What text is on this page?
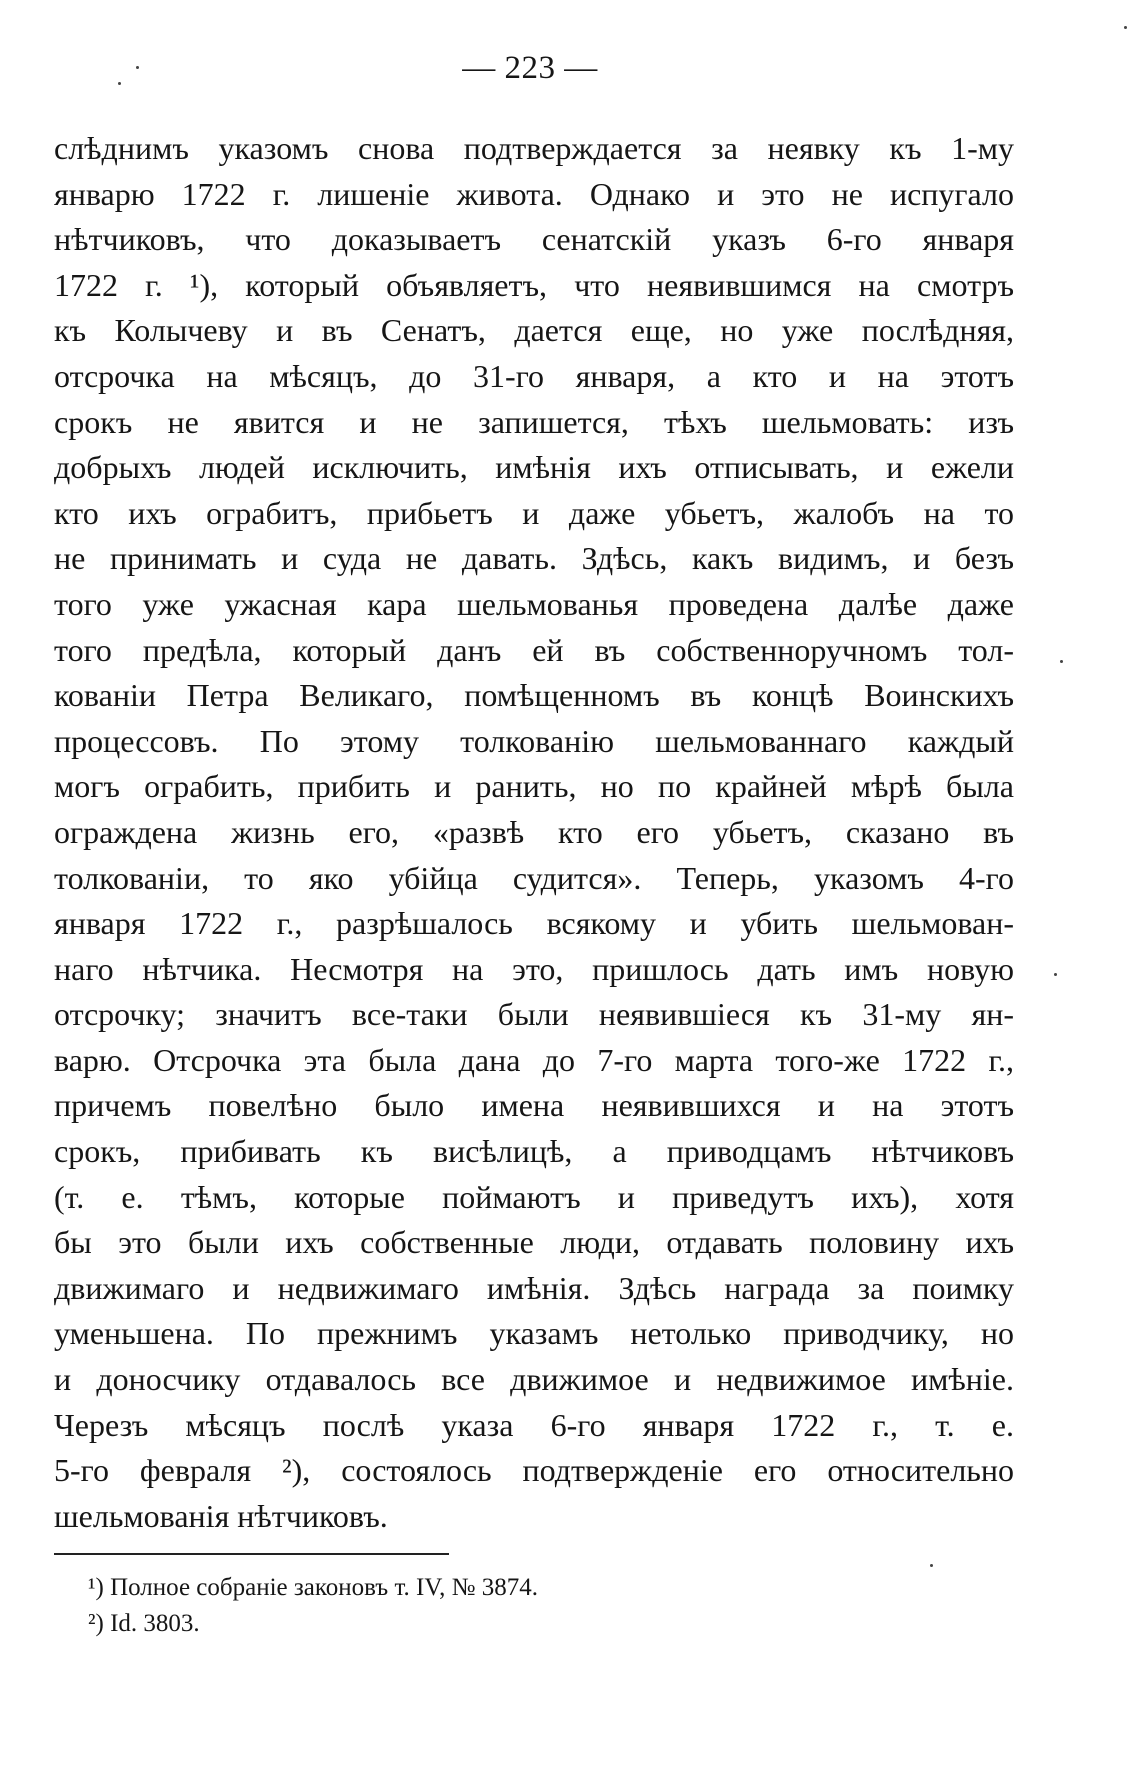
— 223 —
слѣднимъ указомъ снова подтверждается за неявку къ 1-му
январю 1722 г. лишеніе живота. Однако и это не испугало
нѣтчиковъ, что доказываетъ сенатскій указъ 6-го января
1722 г. ¹), который объявляетъ, что неявившимся на смотръ
къ Колычеву и въ Сенатъ, дается еще, но уже послѣдняя,
отсрочка на мѣсяцъ, до 31-го января, а кто и на этотъ
срокъ не явится и не запишется, тѣхъ шельмовать: изъ
добрыхъ людей исключить, имѣнія ихъ отписывать, и ежели
кто ихъ ограбитъ, прибьетъ и даже убьетъ, жалобъ на то
не принимать и суда не давать. Здѣсь, какъ видимъ, и безъ
того уже ужасная кара шельмованья проведена далѣе даже
того предѣла, который данъ ей въ собственноручномъ тол-
кованіи Петра Великаго, помѣщенномъ въ концѣ Воинскихъ
процессовъ. По этому толкованію шельмованнаго каждый
могъ ограбить, прибить и ранить, но по крайней мѣрѣ была
ограждена жизнь его, «развѣ кто его убьетъ, сказано въ
толкованіи, то яко убійца судится». Теперь, указомъ 4-го
января 1722 г., разрѣшалось всякому и убить шельмован-
наго нѣтчика. Несмотря на это, пришлось дать имъ новую
отсрочку; значитъ все-таки были неявившіеся къ 31-му ян-
варю. Отсрочка эта была дана до 7-го марта того-же 1722 г.,
причемъ повелѣно было имена неявившихся и на этотъ
срокъ, прибивать къ висѣлицѣ, а приводцамъ нѣтчиковъ
(т. е. тѣмъ, которые поймаютъ и приведутъ ихъ), хотя
бы это были ихъ собственные люди, отдавать половину ихъ
движимаго и недвижимаго имѣнія. Здѣсь награда за поимку
уменьшена. По прежнимъ указамъ нетолько приводчику, но
и доносчику отдавалось все движимое и недвижимое имѣніе.
Черезъ мѣсяцъ послѣ указа 6-го января 1722 г., т. е.
5-го февраля ²), состоялось подтвержденіе его относительно
шельмованія нѣтчиковъ.
¹) Полное собраніе законовъ т. IV, № 3874.
²) Id. 3803.
